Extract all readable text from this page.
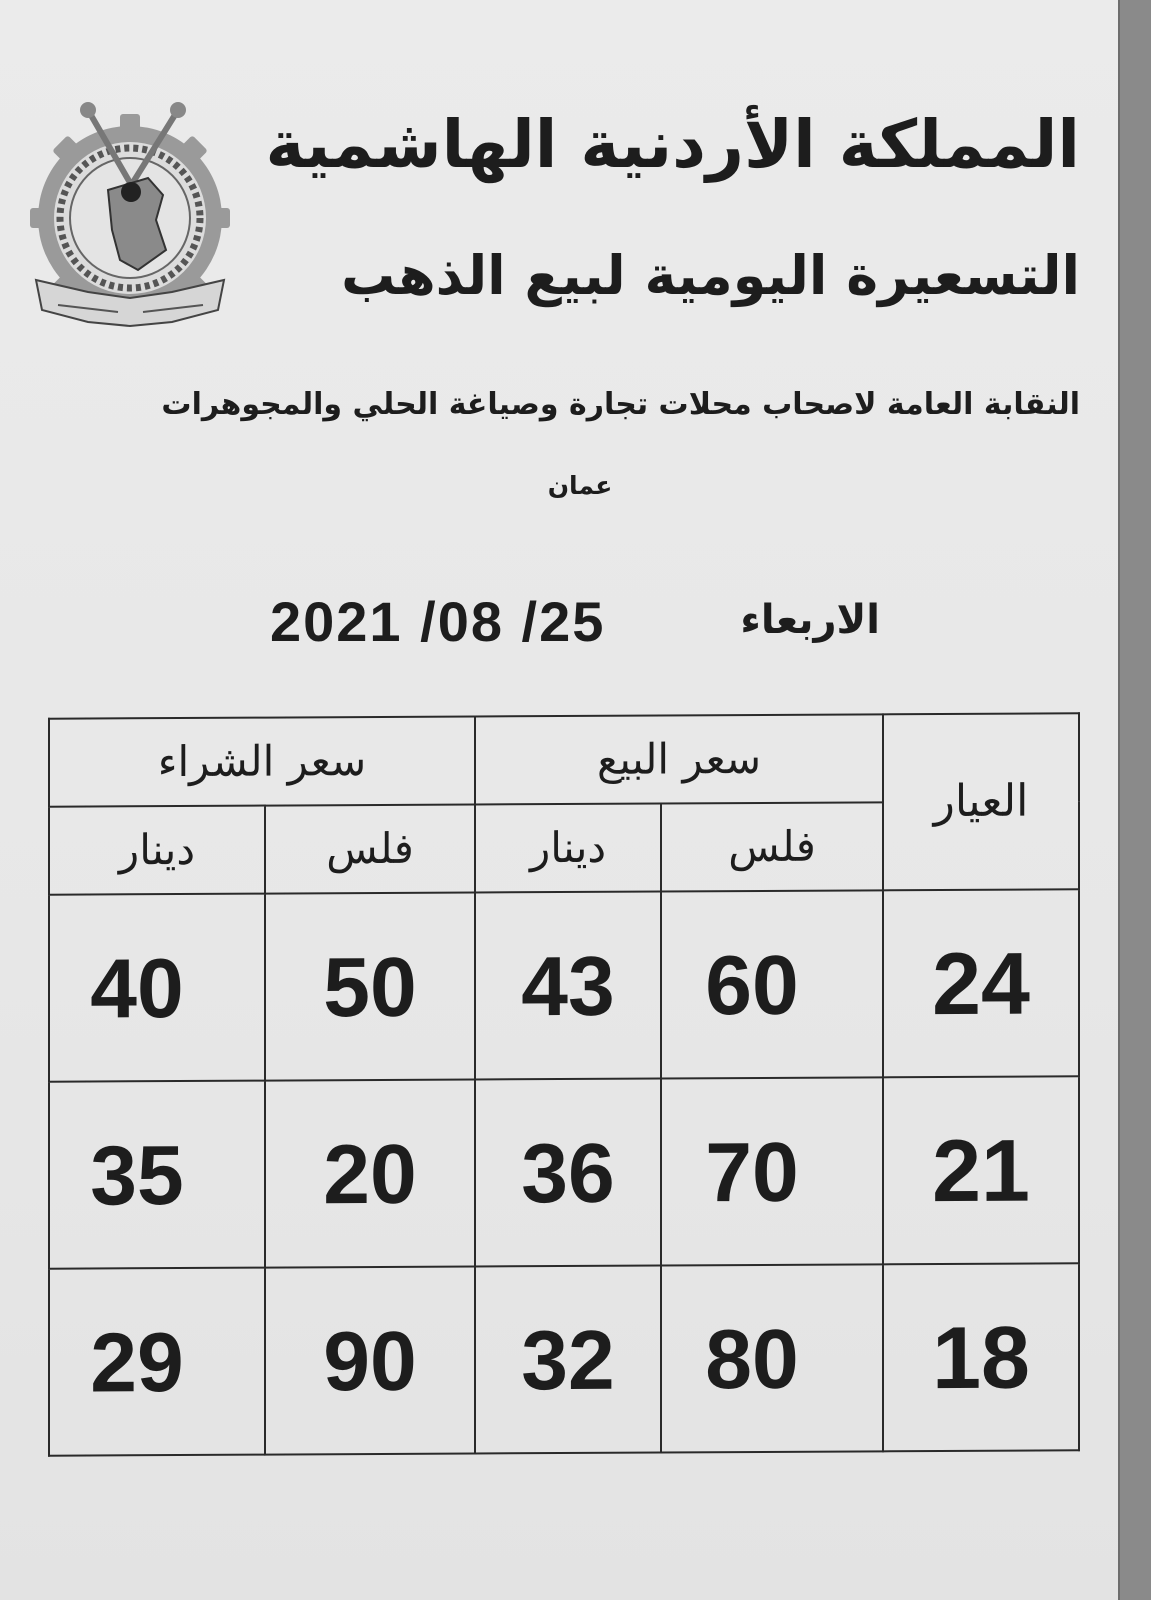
المملكة الأردنية الهاشمية
التسعيرة اليومية لبيع الذهب
النقابة العامة لاصحاب محلات تجارة وصياغة الحلي والمجوهرات
عمان
الاربعاء
2021 /08 /25
العيار	سعر البيع		سعر الشراء	
	فلس	دينار	فلس	دينار
24	60	43	50	40
21	70	36	20	35
18	80	32	90	29
